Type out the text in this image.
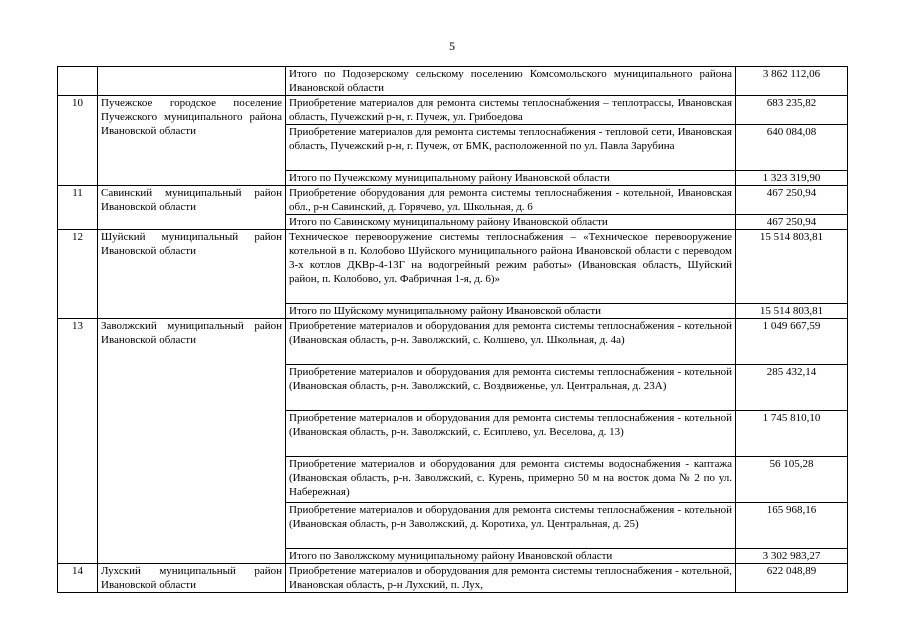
5
		Итого по Подозерскому сельскому поселению Комсомольского муниципального района Ивановской области	3 862 112,06
10	Пучежское городское поселение Пучежского муниципального района Ивановской области	Приобретение материалов для ремонта системы теплоснабжения – теплотрассы, Ивановская область, Пучежский р-н, г. Пучеж, ул. Грибоедова	683 235,82
		Приобретение материалов для ремонта системы теплоснабжения - тепловой сети, Ивановская область, Пучежский р-н, г. Пучеж, от БМК, расположенной по ул. Павла Зарубина	640 084,08
		Итого по Пучежскому муниципальному району Ивановской области	1 323 319,90
11	Савинский муниципальный район Ивановской области	Приобретение оборудования для ремонта системы теплоснабжения - котельной, Ивановская обл., р-н Савинский, д. Горячево, ул. Школьная, д. 6	467 250,94
		Итого по Савинскому муниципальному району Ивановской области	467 250,94
12	Шуйский муниципальный район Ивановской области	Техническое перевооружение системы теплоснабжения – «Техническое перевооружение котельной в п. Колобово Шуйского муниципального района Ивановской области с переводом 3-х котлов ДКВр-4-13Г на водогрейный режим работы» (Ивановская область, Шуйский район, п. Колобово, ул. Фабричная 1-я, д. 6)»	15 514 803,81
		Итого по Шуйскому муниципальному району Ивановской области	15 514 803,81
13	Заволжский муниципальный район Ивановской области	Приобретение материалов и оборудования для ремонта системы теплоснабжения - котельной (Ивановская область, р-н. Заволжский, с. Колшево, ул. Школьная, д. 4а)	1 049 667,59
		Приобретение материалов и оборудования для ремонта системы теплоснабжения - котельной (Ивановская область, р-н. Заволжский, с. Воздвиженье, ул. Центральная, д. 23А)	285 432,14
		Приобретение материалов и оборудования для ремонта системы теплоснабжения - котельной (Ивановская область, р-н. Заволжский, с. Есиплево, ул. Веселова, д. 13)	1 745 810,10
		Приобретение материалов и оборудования для ремонта системы водоснабжения - каптажа (Ивановская область, р-н. Заволжский, с. Курень, примерно 50 м на восток дома № 2 по ул. Набережная)	56 105,28
		Приобретение материалов и оборудования для ремонта системы теплоснабжения - котельной (Ивановская область, р-н Заволжский, д. Коротиха, ул. Центральная, д. 25)	165 968,16
		Итого по Заволжскому муниципальному району Ивановской области	3 302 983,27
14	Лухский муниципальный район Ивановской области	Приобретение материалов и оборудования для ремонта системы теплоснабжения - котельной, Ивановская область, р-н Лухский, п. Лух,	622 048,89
